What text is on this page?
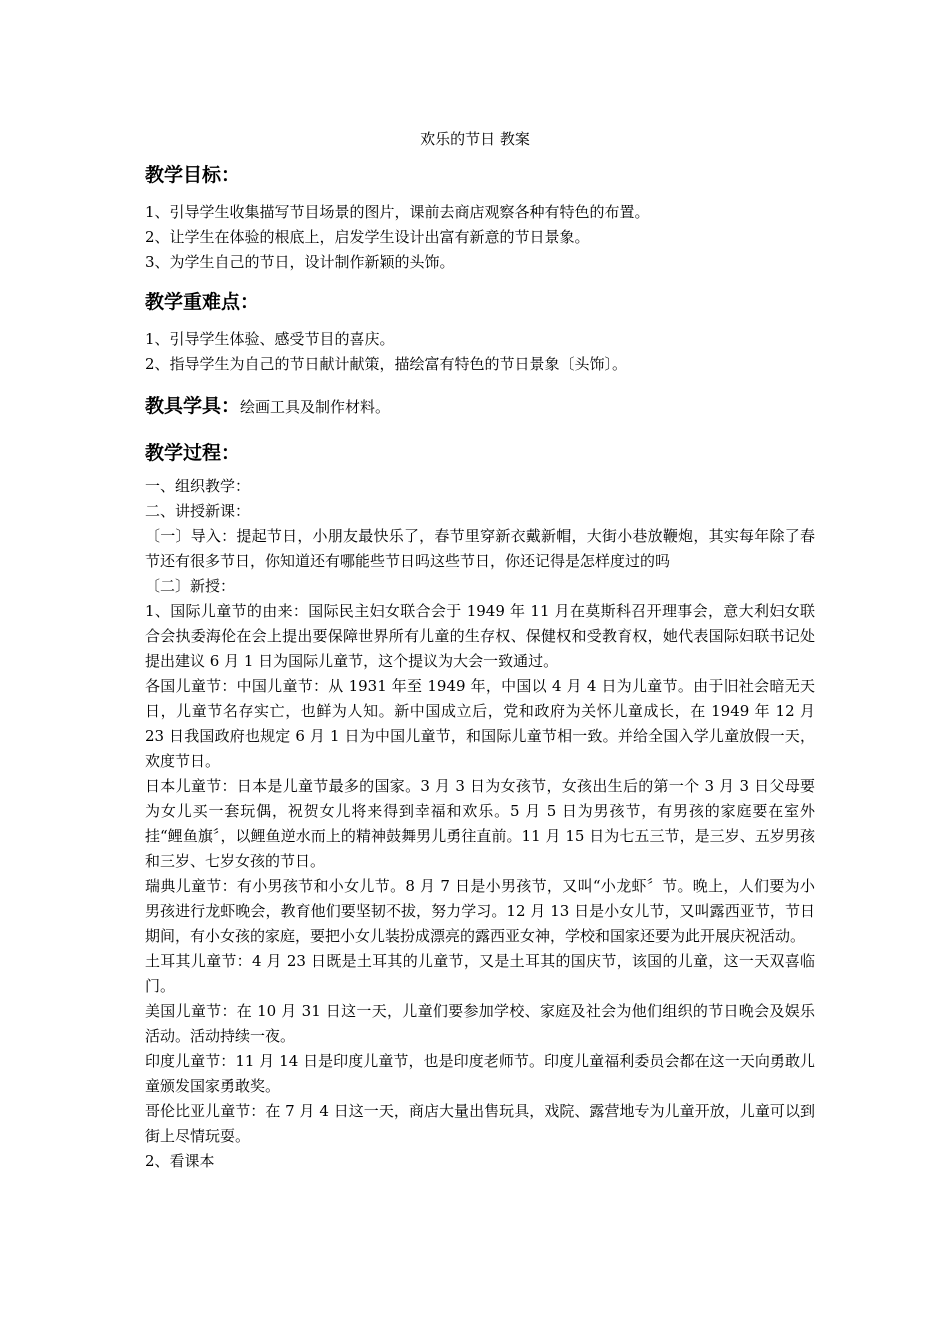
欢乐的节日 教案
教学目标：

1、引导学生收集描写节目场景的图片，课前去商店观察各种有特色的布置。

2、让学生在体验的根底上，启发学生设计出富有新意的节日景象。

3、为学生自己的节日，设计制作新颖的头饰。

教学重难点：

1、引导学生体验、感受节目的喜庆。

2、指导学生为自己的节日献计献策，描绘富有特色的节日景象〔头饰〕。

教具学具：绘画工具及制作材料。
教学过程：

一、组织教学：

二、讲授新课：

〔一〕导入：提起节日，小朋友最快乐了，春节里穿新衣戴新帽，大街小巷放鞭炮，其实每年除了春节还有很多节日，你知道还有哪能些节日吗这些节日，你还记得是怎样度过的吗

〔二〕新授：

1、国际儿童节的由来：国际民主妇女联合会于 1949 年 11 月在莫斯科召开理事会，意大利妇女联合会执委海伦在会上提出要保障世界所有儿童的生存权、保健权和受教育权，她代表国际妇联书记处提出建议 6 月 1 日为国际儿童节，这个提议为大会一致通过。

各国儿童节：中国儿童节：从 1931 年至 1949 年，中国以 4 月 4 日为儿童节。由于旧社会暗无天日，儿童节名存实亡，也鲜为人知。新中国成立后，党和政府为关怀儿童成长，在 1949 年 12 月 23 日我国政府也规定 6 月 1 日为中国儿童节，和国际儿童节相一致。并给全国入学儿童放假一天，欢度节日。

日本儿童节：日本是儿童节最多的国家。3 月 3 日为女孩节，女孩出生后的第一个 3 月 3 日父母要为女儿买一套玩偶，祝贺女儿将来得到幸福和欢乐。5 月 5 日为男孩节，有男孩的家庭要在室外挂“鲤鱼旗〞，以鲤鱼逆水而上的精神鼓舞男儿勇往直前。11 月 15 日为七五三节，是三岁、五岁男孩和三岁、七岁女孩的节日。

瑞典儿童节：有小男孩节和小女儿节。8 月 7 日是小男孩节，又叫“小龙虾〞节。晚上，人们要为小男孩进行龙虾晚会，教育他们要坚韧不拔，努力学习。12 月 13 日是小女儿节，又叫露西亚节，节日期间，有小女孩的家庭，要把小女儿装扮成漂亮的露西亚女神，学校和国家还要为此开展庆祝活动。

土耳其儿童节：4 月 23 日既是土耳其的儿童节，又是土耳其的国庆节，该国的儿童，这一天双喜临门。

美国儿童节：在 10 月 31 日这一天，儿童们要参加学校、家庭及社会为他们组织的节日晚会及娱乐活动。活动持续一夜。

印度儿童节：11 月 14 日是印度儿童节，也是印度老师节。印度儿童福利委员会都在这一天向勇敢儿童颁发国家勇敢奖。

哥伦比亚儿童节：在 7 月 4 日这一天，商店大量出售玩具，戏院、露营地专为儿童开放，儿童可以到街上尽情玩耍。

2、看课本
